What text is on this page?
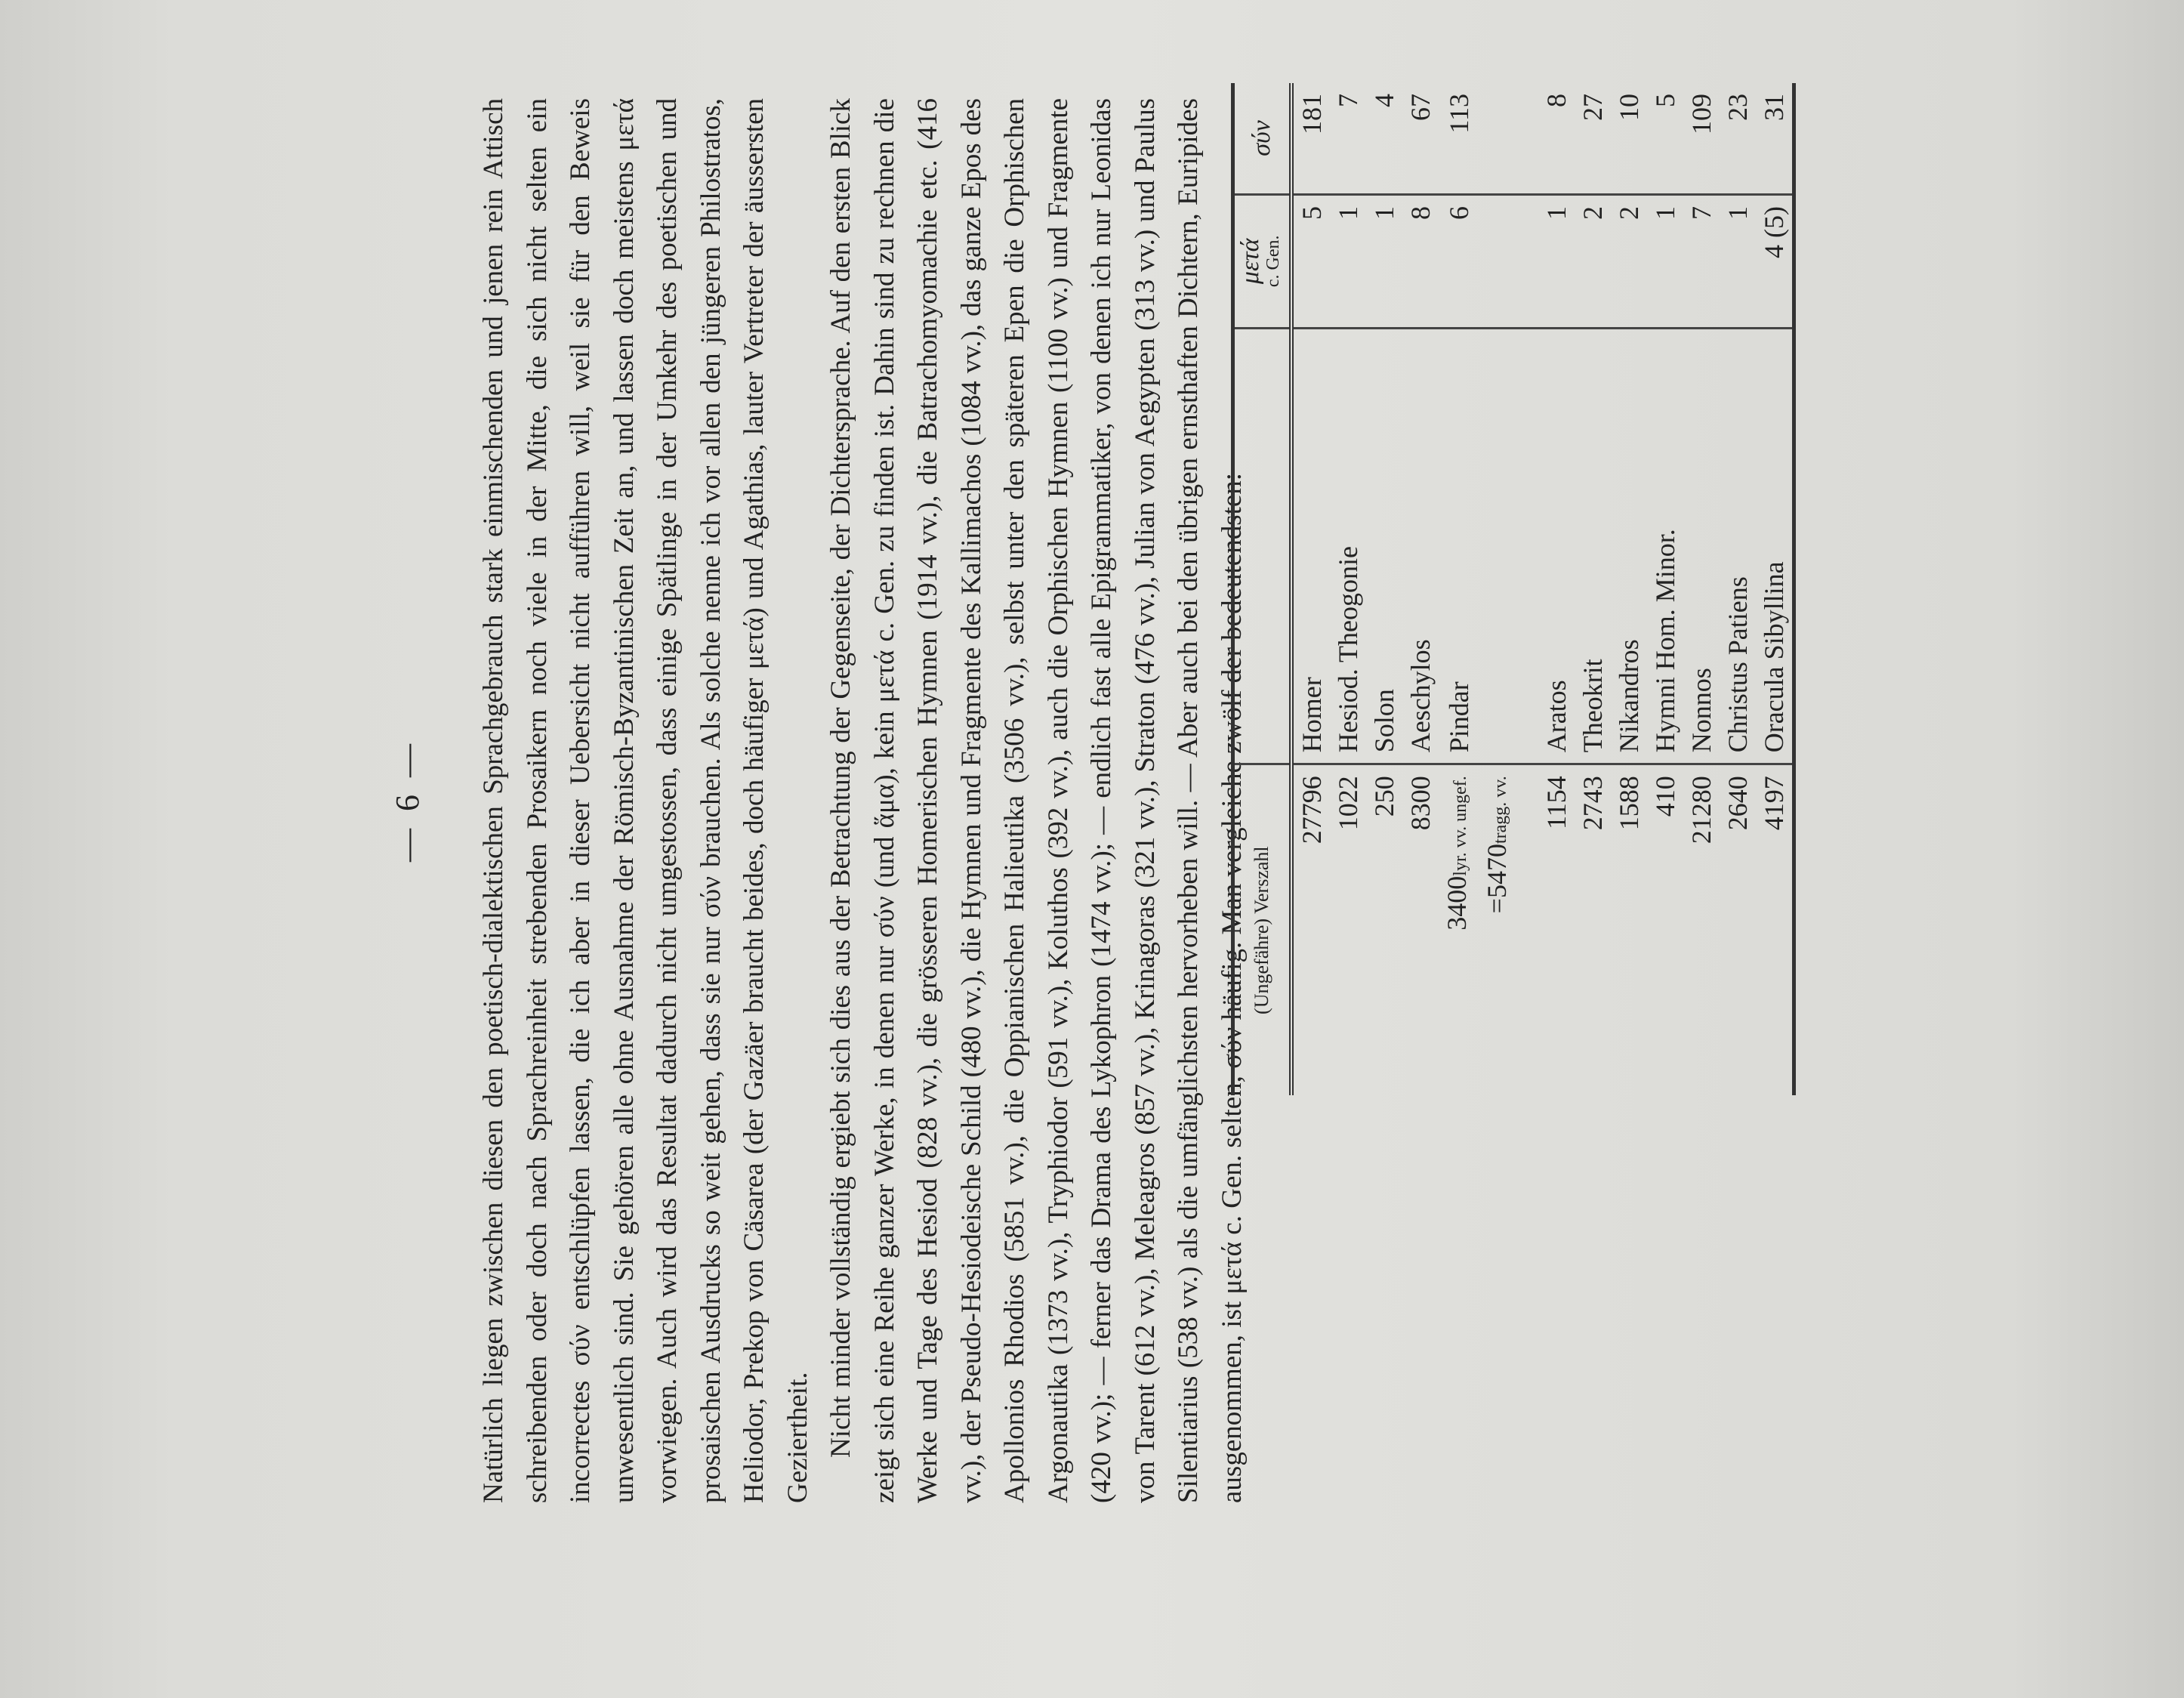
— 6 —	Natürlich liegen zwischen diesen den poetisch-dialektischen Sprachgebrauch stark einmischenden und jenen rein Attisch schreibenden oder doch nach Sprachreinheit strebenden Prosaikern noch viele in der Mitte, die sich nicht selten ein incorrectes σύν entschlüpfen lassen, die ich aber in dieser Uebersicht nicht aufführen will, weil sie für den Beweis unwesentlich sind. Sie gehören alle ohne Ausnahme der Römisch-Byzantinischen Zeit an, und lassen doch meistens μετά vorwiegen. Auch wird das Resultat dadurch nicht umgestossen, dass einige Spätlinge in der Umkehr des poetischen und prosaischen Ausdrucks so weit gehen, dass sie nur σύν brauchen. Als solche nenne ich vor allen den jüngeren Philostratos, Heliodor, Prekop von Cäsarea (der Gazäer braucht beides, doch häufiger μετά) und Agathias, lauter Vertreter der äussersten Geziertheit. Nicht minder vollständig ergiebt sich dies aus der Betrachtung der Gegenseite, der Dichtersprache. Auf den ersten Blick zeigt sich eine Reihe ganzer Werke, in denen nur σύν (und ἅμα), kein μετά c. Gen. zu finden ist. Dahin sind zu rechnen die Werke und Tage des Hesiod (828 vv.), die grösseren Homerischen Hymnen (1914 vv.), die Batrachomyomachie etc. (416 vv.), der Pseudo-Hesiodeische Schild (480 vv.), die Hymnen und Fragmente des Kallimachos (1084 vv.), das ganze Epos des Apollonios Rhodios (5851 vv.), die Oppianischen Halieutika (3506 vv.), selbst unter den späteren Epen die Orphischen Argonautika (1373 vv.), Tryphiodor (591 vv.), Koluthos (392 vv.), auch die Orphischen Hymnen (1100 vv.) und Fragmente (420 vv.); — ferner das Drama des Lykophron (1474 vv.); — endlich fast alle Epigrammatiker, von denen ich nur Leonidas von Tarent (612 vv.), Meleagros (857 vv.), Krinagoras (321 vv.), Straton (476 vv.), Julian von Aegypten (313 vv.) und Paulus Silentiarius (538 vv.) als die umfänglichsten hervorheben will. — Aber auch bei den übrigen ernsthaften Dichtern, Euripides ausgenommen, ist μετά c. Gen. selten, σύν häufig. Man vergleiche zwölf der bedeutendsten: (Ungefähre) Verszahl		μετά c. Gen.	σύν
27796	Homer	5	181
1022	Hesiod. Theogonie	1	7
250	Solon	1	4
8300	Aeschylos	8	67
3400lyr. vv. ungef.	Pindar	6	113
=5470tragg. vv.			

1154	Aratos	1	8
2743	Theokrit	2	27
1588	Nikandros	2	10
410	Hymni Hom. Minor.	1	5
21280	Nonnos	7	109
2640	Christus Patiens	1	23
4197	Oracula Sibyllina	4 (5)	31
